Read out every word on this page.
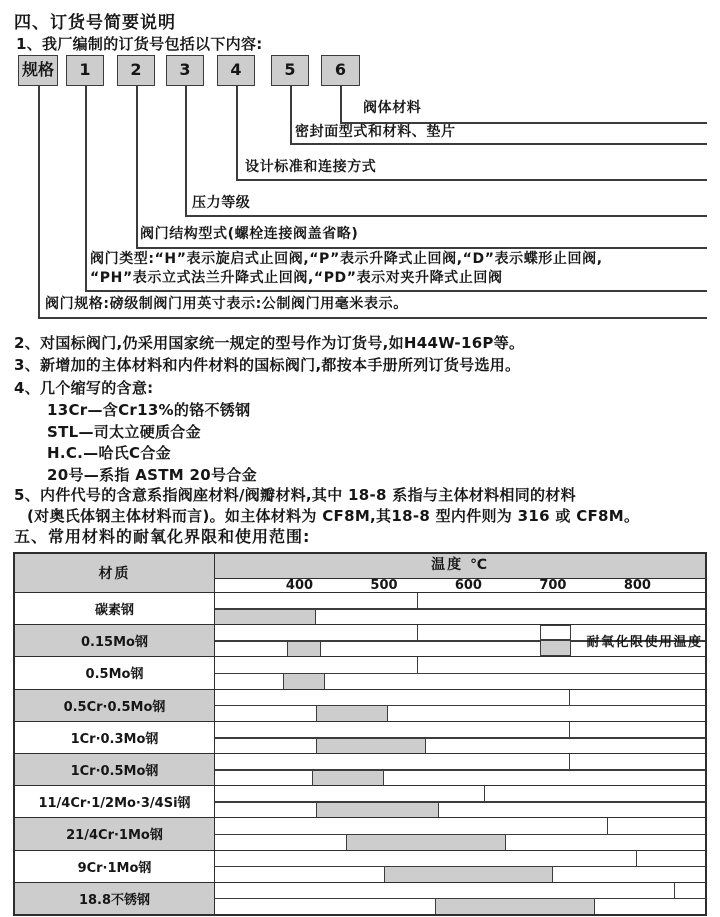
四、订货号简要说明
1、我厂编制的订货号包括以下内容:
规格
阀门规格:磅级制阀门用英寸表示:公制阀门用毫米表示。
1
阀门类型:“H”表示旋启式止回阀,“P”表示升降式止回阀,“D”表示蝶形止回阀,
“PH”表示立式法兰升降式止回阀,“PD”表示对夹升降式止回阀
2
阀门结构型式(螺栓连接阀盖省略)
3
压力等级
4
设计标准和连接方式
5
密封面型式和材料、垫片
6
阀体材料
2、对国标阀门,仍采用国家统一规定的型号作为订货号,如H44W-16P等。
3、新增加的主体材料和内件材料的国标阀门,都按本手册所列订货号选用。
4、几个缩写的含意:
13Cr—含Cr13%的铬不锈钢
STL—司太立硬质合金
H.C.—哈氏C合金
20号—系指 ASTM 20号合金
5、内件代号的含意系指阀座材料/阀瓣材料,其中 18-8 系指与主体材料相同的材料
(对奥氏体钢主体材料而言)。如主体材料为 CF8M,其18-8 型内件则为 316 或 CF8M。
五、常用材料的耐氧化界限和使用范围:
材质
温度 ℃
400	500	600	700	800
碳素钢
0.15Mo钢	耐氧化限使用温度
0.5Mo钢
0.5Cr·0.5Mo钢
1Cr·0.3Mo钢
1Cr·0.5Mo钢
11/4Cr·1/2Mo·3/4Si钢
21/4Cr·1Mo钢
9Cr·1Mo钢
18.8不锈钢
